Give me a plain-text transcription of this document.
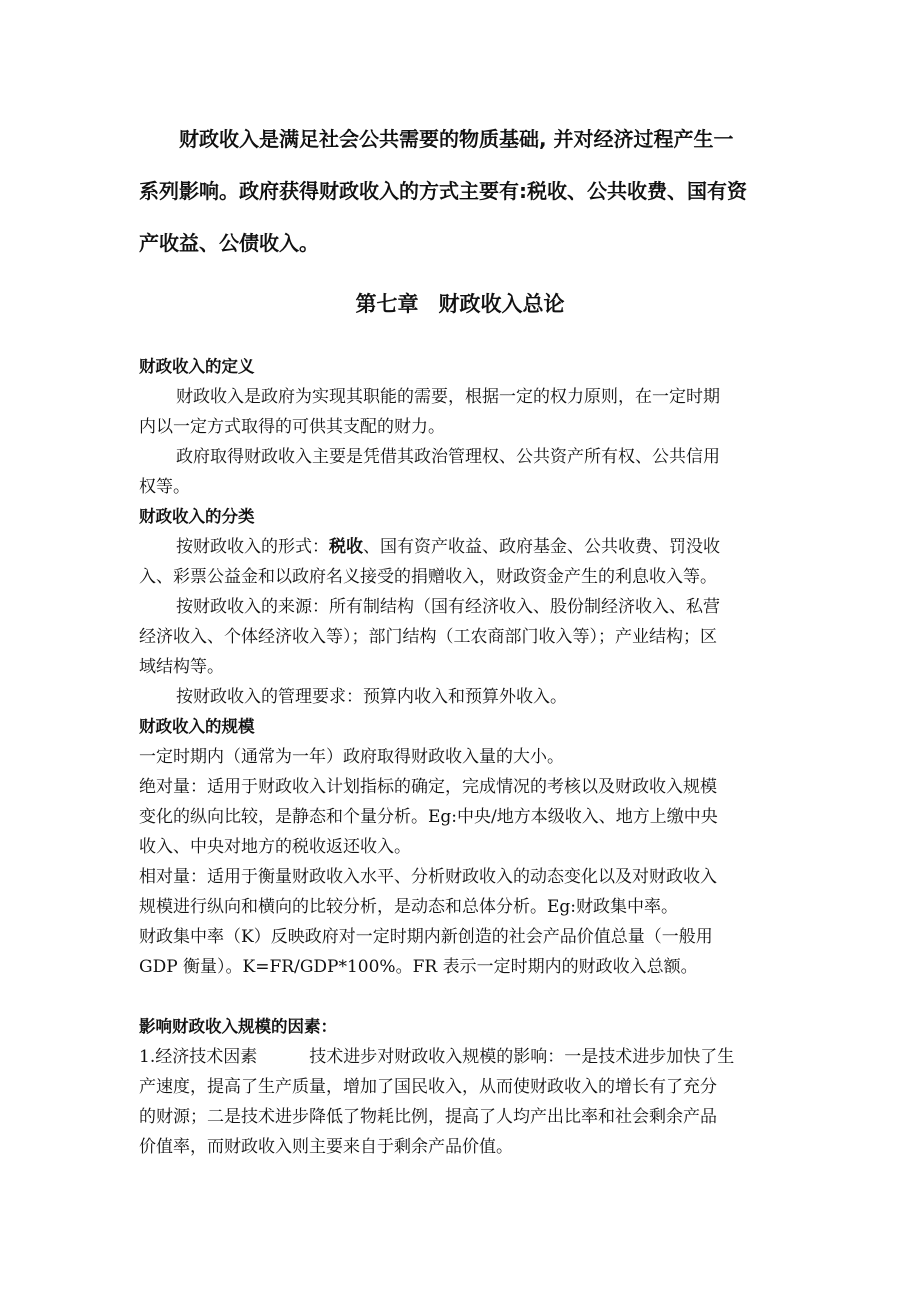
财政收入是满足社会公共需要的物质基础, 并对经济过程产生一
系列影响。政府获得财政收入的方式主要有:税收、公共收费、国有资
产收益、公债收入。
第七章 财政收入总论
财政收入的定义
财政收入是政府为实现其职能的需要，根据一定的权力原则，在一定时期
内以一定方式取得的可供其支配的财力。
政府取得财政收入主要是凭借其政治管理权、公共资产所有权、公共信用
权等。
财政收入的分类
按财政收入的形式：税收、国有资产收益、政府基金、公共收费、罚没收
入、彩票公益金和以政府名义接受的捐赠收入，财政资金产生的利息收入等。
按财政收入的来源：所有制结构（国有经济收入、股份制经济收入、私营
经济收入、个体经济收入等）；部门结构（工农商部门收入等）；产业结构；区
域结构等。
按财政收入的管理要求：预算内收入和预算外收入。
财政收入的规模
一定时期内（通常为一年）政府取得财政收入量的大小。
绝对量：适用于财政收入计划指标的确定，完成情况的考核以及财政收入规模
变化的纵向比较，是静态和个量分析。Eg:中央/地方本级收入、地方上缴中央
收入、中央对地方的税收返还收入。
相对量：适用于衡量财政收入水平、分析财政收入的动态变化以及对财政收入
规模进行纵向和横向的比较分析，是动态和总体分析。Eg:财政集中率。
财政集中率（K）反映政府对一定时期内新创造的社会产品价值总量（一般用
GDP 衡量）。K=FR/GDP*100%。FR 表示一定时期内的财政收入总额。
影响财政收入规模的因素：
1.经济技术因素	技术进步对财政收入规模的影响：一是技术进步加快了生
产速度，提高了生产质量，增加了国民收入，从而使财政收入的增长有了充分
的财源；二是技术进步降低了物耗比例，提高了人均产出比率和社会剩余产品
价值率，而财政收入则主要来自于剩余产品价值。
